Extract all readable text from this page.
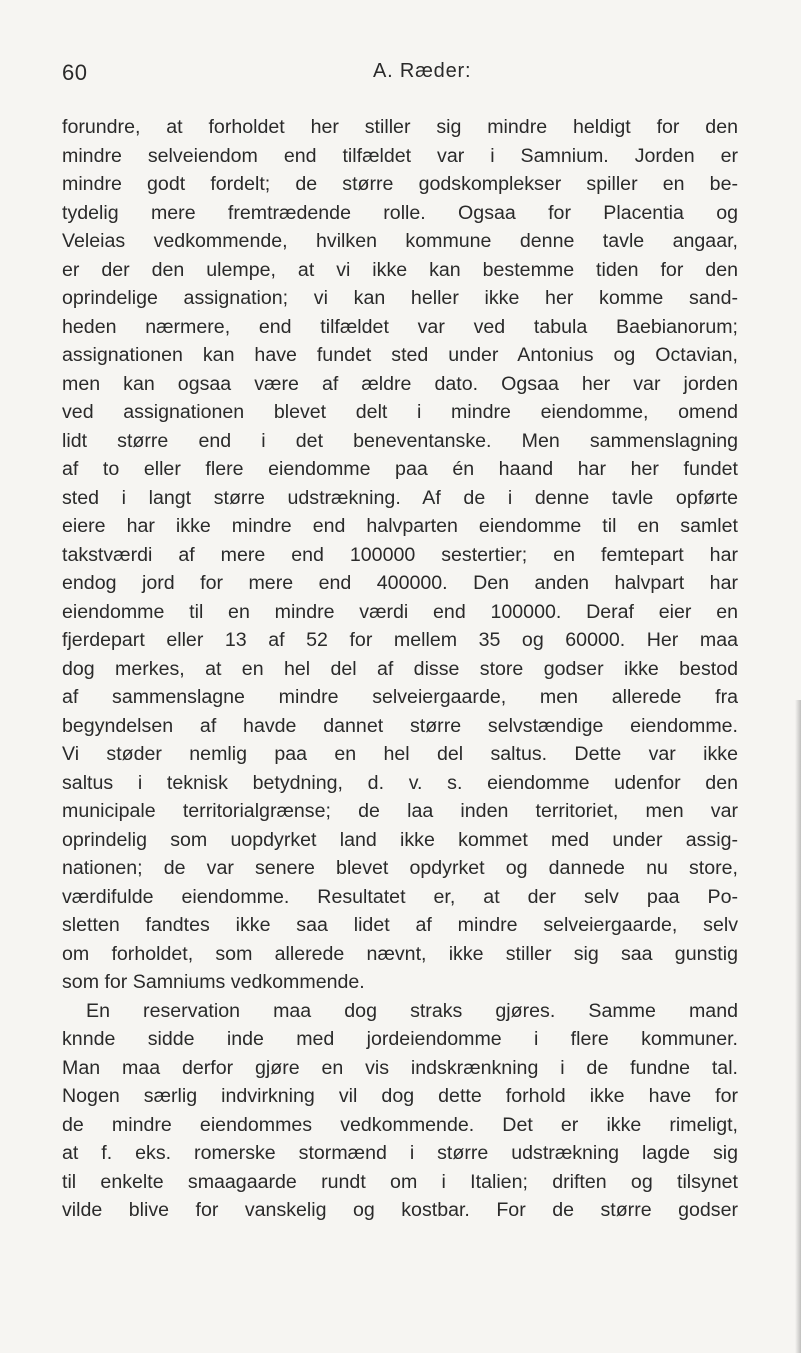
60	A. Ræder:
forundre, at forholdet her stiller sig mindre heldigt for den
mindre selveiendom end tilfældet var i Samnium. Jorden er
mindre godt fordelt; de større godskomplekser spiller en be-
tydelig mere fremtrædende rolle. Ogsaa for Placentia og
Veleias vedkommende, hvilken kommune denne tavle angaar,
er der den ulempe, at vi ikke kan bestemme tiden for den
oprindelige assignation; vi kan heller ikke her komme sand-
heden nærmere, end tilfældet var ved tabula Baebianorum;
assignationen kan have fundet sted under Antonius og Octavian,
men kan ogsaa være af ældre dato. Ogsaa her var jorden
ved assignationen blevet delt i mindre eiendomme, omend
lidt større end i det beneventanske. Men sammenslagning
af to eller flere eiendomme paa én haand har her fundet
sted i langt større udstrækning. Af de i denne tavle opførte
eiere har ikke mindre end halvparten eiendomme til en samlet
takstværdi af mere end 100000 sestertier; en femtepart har
endog jord for mere end 400000. Den anden halvpart har
eiendomme til en mindre værdi end 100000. Deraf eier en
fjerdepart eller 13 af 52 for mellem 35 og 60000. Her maa
dog merkes, at en hel del af disse store godser ikke bestod
af sammenslagne mindre selveiergaarde, men allerede fra
begyndelsen af havde dannet større selvstændige eiendomme.
Vi støder nemlig paa en hel del saltus. Dette var ikke
saltus i teknisk betydning, d. v. s. eiendomme udenfor den
municipale territorialgrænse; de laa inden territoriet, men var
oprindelig som uopdyrket land ikke kommet med under assig-
nationen; de var senere blevet opdyrket og dannede nu store,
værdifulde eiendomme. Resultatet er, at der selv paa Po-
sletten fandtes ikke saa lidet af mindre selveiergaarde, selv
om forholdet, som allerede nævnt, ikke stiller sig saa gunstig
som for Samniums vedkommende.
En reservation maa dog straks gjøres. Samme mand
knnde sidde inde med jordeiendomme i flere kommuner.
Man maa derfor gjøre en vis indskrænkning i de fundne tal.
Nogen særlig indvirkning vil dog dette forhold ikke have for
de mindre eiendommes vedkommende. Det er ikke rimeligt,
at f. eks. romerske stormænd i større udstrækning lagde sig
til enkelte smaagaarde rundt om i Italien; driften og tilsynet
vilde blive for vanskelig og kostbar. For de større godser
